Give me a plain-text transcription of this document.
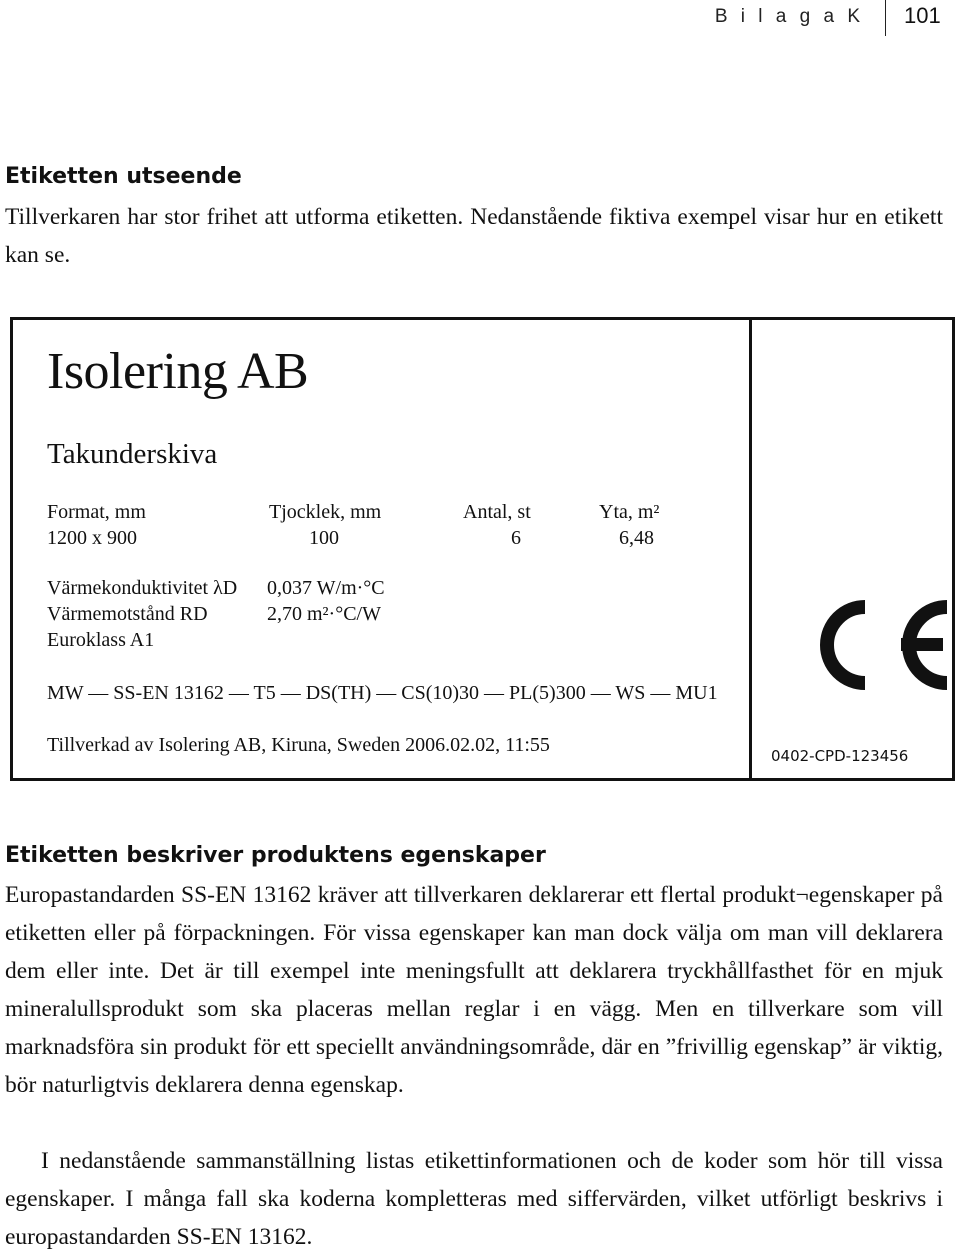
B i l a g a K 101
Etiketten utseende

Tillverkaren har stor frihet att utforma etiketten. Nedanstående fiktiva exempel visar hur en etikett kan se.

Isolering AB
Takunderskiva
Format, mm	Tjocklek, mm	Antal, st	Yta, m²
1200 x 900	100	6	6,48
Värmekonduktivitet λD 0,037 W/m·°C
Värmemotstånd RD	2,70 m²·°C/W
Euroklass A1
MW — SS-EN 13162 — T5 — DS(TH) — CS(10)30 — PL(5)300 — WS — MU1
Tillverkad av Isolering AB, Kiruna, Sweden 2006.02.02, 11:55	0402-CPD-123456
Etiketten beskriver produktens egenskaper

Europastandarden SS-EN 13162 kräver att tillverkaren deklarerar ett flertal produkt¬egenskaper på etiketten eller på förpackningen. För vissa egenskaper kan man dock välja om man vill deklarera dem eller inte. Det är till exempel inte meningsfullt att deklarera tryckhållfasthet för en mjuk mineralullsprodukt som ska placeras mellan reglar i en vägg. Men en tillverkare som vill marknadsföra sin produkt för ett speciellt användningsområde, där en ”frivillig egenskap” är viktig, bör naturligtvis deklarera denna egenskap.

I nedanstående sammanställning listas etikettinformationen och de koder som hör till vissa egenskaper. I många fall ska koderna kompletteras med siffervärden, vilket utförligt beskrivs i europastandarden SS-EN 13162.
